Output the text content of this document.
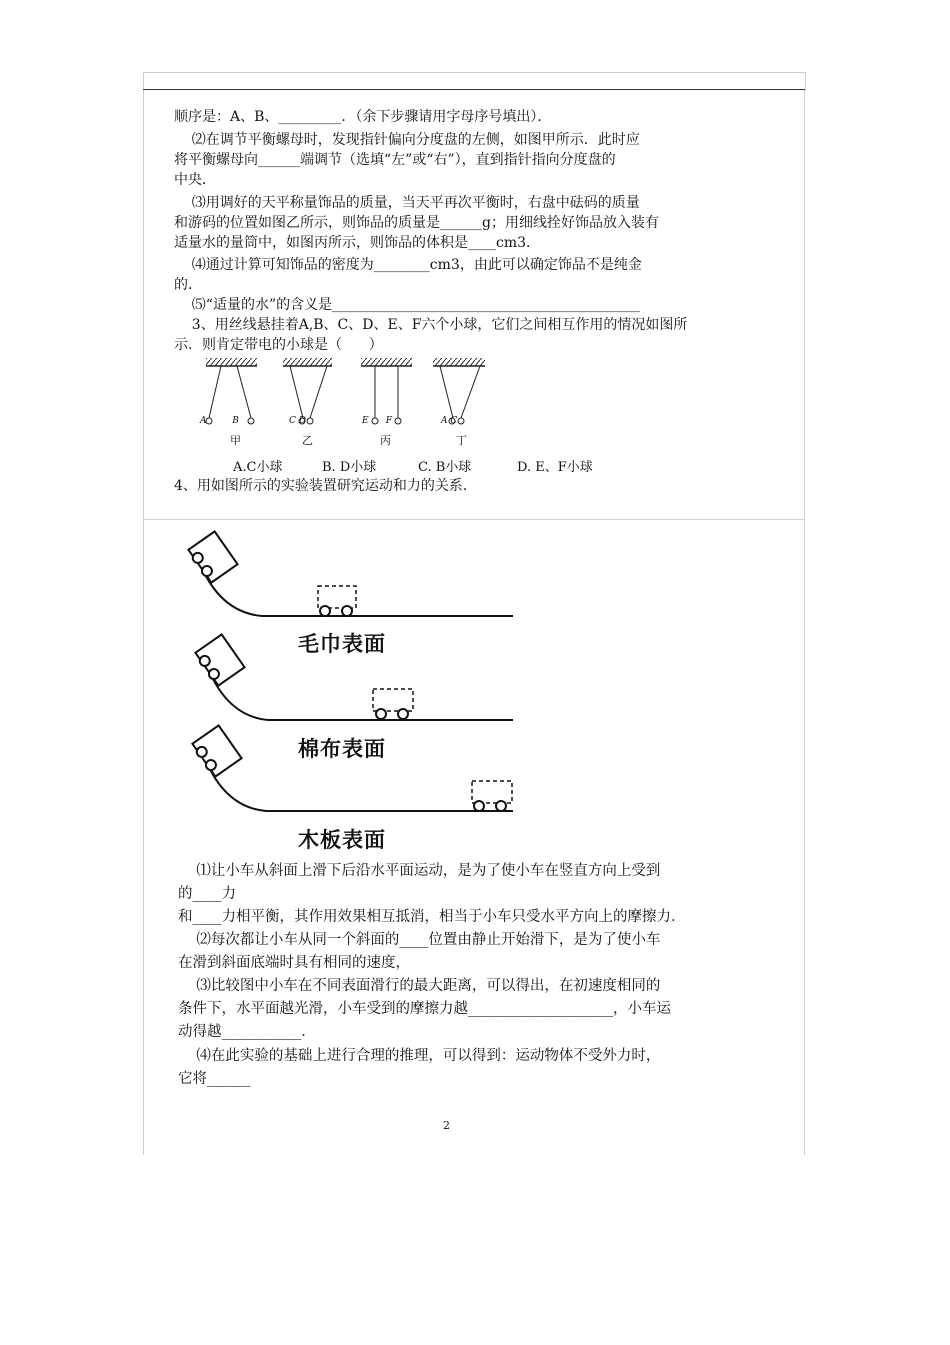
顺序是：A、B、_________．（余下步骤请用字母序号填出）．
⑵在调节平衡螺母时，发现指针偏向分度盘的左侧，如图甲所示．此时应
将平衡螺母向______端调节（选填“左”或“右”），直到指针指向分度盘的
中央．
⑶用调好的天平称量饰品的质量，当天平再次平衡时，右盘中砝码的质量
和游码的位置如图乙所示，则饰品的质量是______g；用细线拴好饰品放入装有
适量水的量筒中，如图丙所示，则饰品的体积是____cm3．
⑷通过计算可知饰品的密度为________cm3，由此可以确定饰品不是纯金
的．
⑸“适量的水”的含义是____________________________________________
3、用丝线悬挂着A,B、C、D、E、F六个小球，它们之间相互作用的情况如图所
示．则肯定带电的小球是（      ）
A         B	C D	E      F	A C
甲	乙	丙	丁
A.C小球	B. D小球	C. B小球	D. E、F小球
4、用如图所示的实验装置研究运动和力的关系．
毛巾表面
棉布表面
木板表面
⑴让小车从斜面上滑下后沿水平面运动，是为了使小车在竖直方向上受到
的____力
和____力相平衡，其作用效果相互抵消，相当于小车只受水平方向上的摩擦力．
⑵每次都让小车从同一个斜面的____位置由静止开始滑下，是为了使小车
在滑到斜面底端时具有相同的速度，
⑶比较图中小车在不同表面滑行的最大距离，可以得出，在初速度相同的
条件下，水平面越光滑，小车受到的摩擦力越____________________，小车运
动得越___________．
⑷在此实验的基础上进行合理的推理，可以得到：运动物体不受外力时，
它将______
2
